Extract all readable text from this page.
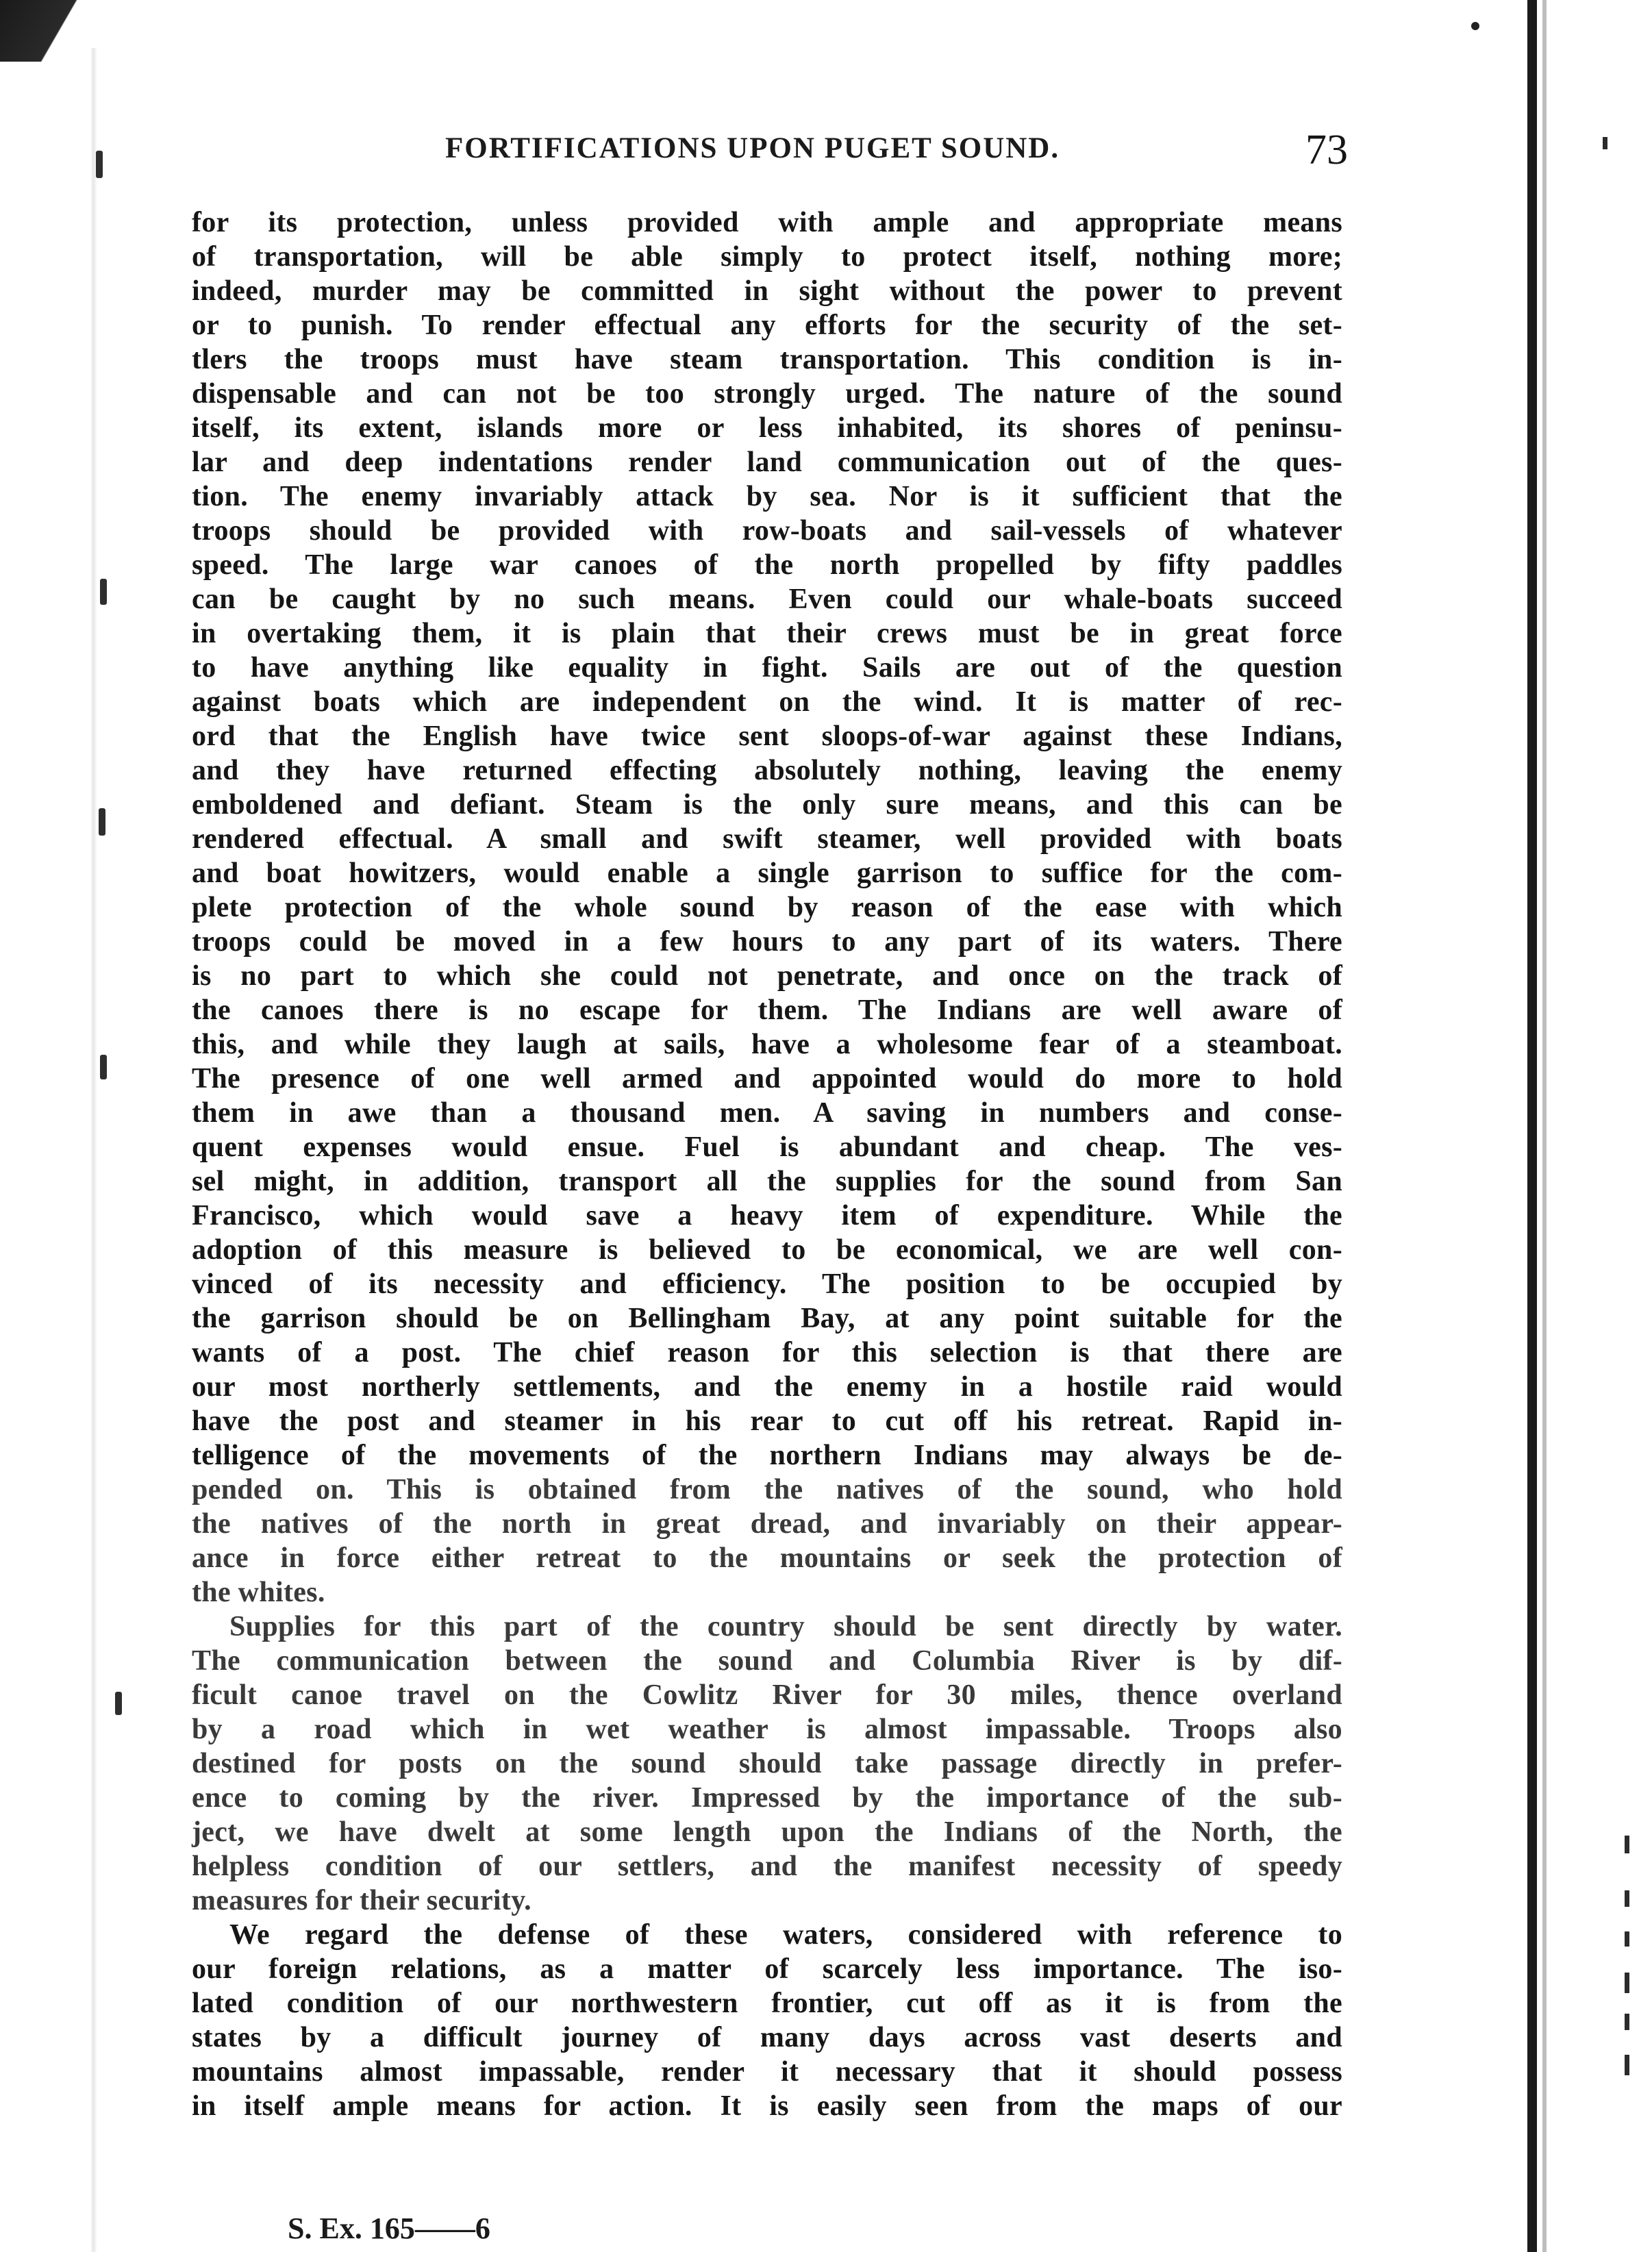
FORTIFICATIONS UPON PUGET SOUND.	73
for its protection, unless provided with ample and appropriate means
of transportation, will be able simply to protect itself, nothing more;
indeed, murder may be committed in sight without the power to prevent
or to punish. To render effectual any efforts for the security of the set-
tlers the troops must have steam transportation. This condition is in-
dispensable and can not be too strongly urged. The nature of the sound
itself, its extent, islands more or less inhabited, its shores of peninsu-
lar and deep indentations render land communication out of the ques-
tion. The enemy invariably attack by sea. Nor is it sufficient that the
troops should be provided with row-boats and sail-vessels of whatever
speed. The large war canoes of the north propelled by fifty paddles
can be caught by no such means. Even could our whale-boats succeed
in overtaking them, it is plain that their crews must be in great force
to have anything like equality in fight. Sails are out of the question
against boats which are independent on the wind. It is matter of rec-
ord that the English have twice sent sloops-of-war against these Indians,
and they have returned effecting absolutely nothing, leaving the enemy
emboldened and defiant. Steam is the only sure means, and this can be
rendered effectual. A small and swift steamer, well provided with boats
and boat howitzers, would enable a single garrison to suffice for the com-
plete protection of the whole sound by reason of the ease with which
troops could be moved in a few hours to any part of its waters. There
is no part to which she could not penetrate, and once on the track of
the canoes there is no escape for them. The Indians are well aware of
this, and while they laugh at sails, have a wholesome fear of a steamboat.
The presence of one well armed and appointed would do more to hold
them in awe than a thousand men. A saving in numbers and conse-
quent expenses would ensue. Fuel is abundant and cheap. The ves-
sel might, in addition, transport all the supplies for the sound from San
Francisco, which would save a heavy item of expenditure. While the
adoption of this measure is believed to be economical, we are well con-
vinced of its necessity and efficiency. The position to be occupied by
the garrison should be on Bellingham Bay, at any point suitable for the
wants of a post. The chief reason for this selection is that there are
our most northerly settlements, and the enemy in a hostile raid would
have the post and steamer in his rear to cut off his retreat. Rapid in-
telligence of the movements of the northern Indians may always be de-
pended on. This is obtained from the natives of the sound, who hold
the natives of the north in great dread, and invariably on their appear-
ance in force either retreat to the mountains or seek the protection of
the whites.
Supplies for this part of the country should be sent directly by water.
The communication between the sound and Columbia River is by dif-
ficult canoe travel on the Cowlitz River for 30 miles, thence overland
by a road which in wet weather is almost impassable. Troops also
destined for posts on the sound should take passage directly in prefer-
ence to coming by the river. Impressed by the importance of the sub-
ject, we have dwelt at some length upon the Indians of the North, the
helpless condition of our settlers, and the manifest necessity of speedy
measures for their security.
We regard the defense of these waters, considered with reference to
our foreign relations, as a matter of scarcely less importance. The iso-
lated condition of our northwestern frontier, cut off as it is from the
states by a difficult journey of many days across vast deserts and
mountains almost impassable, render it necessary that it should possess
in itself ample means for action. It is easily seen from the maps of our
S. Ex. 165——6
